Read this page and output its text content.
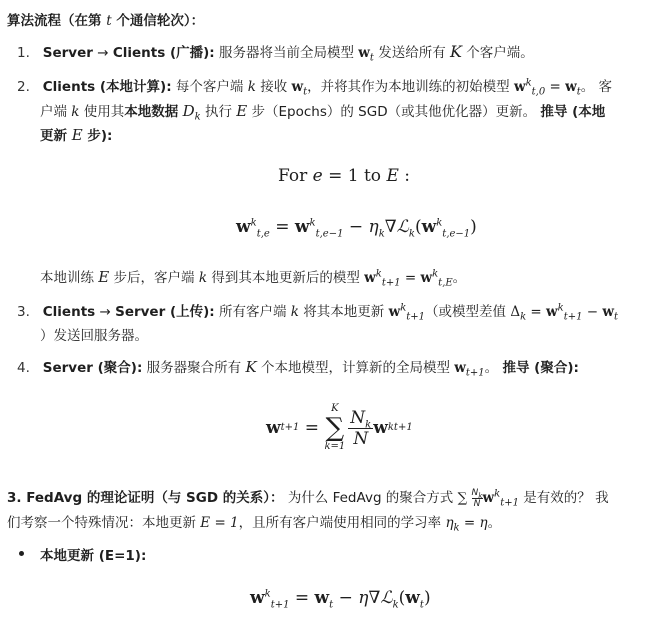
算法流程（在第 t 个通信轮次）：
1. Server → Clients (广播): 服务器将当前全局模型 $w_t$ 发送给所有 K 个客户端。
2. Clients (本地计算): 每个客户端 k 接收 $w_t$，并将其作为本地训练的初始模型 $w^k_{t,0} = w_t$。 客
户端 k 使用其本地数据 $D_k$ 执行 E 步（Epochs）的 SGD（或其他优化器）更新。 推导 (本地
更新 E 步):
For e = 1 to E :
$w^k_{t,e} = w^k_{t,e-1}$ − $\eta_k\nabla ℒ_k(w^k_{t,e-1})$
本地训练 E 步后，客户端 k 得到其本地更新后的模型 $w^k_{t+1} = w^k_{t,E}$。
3. Clients → Server (上传): 所有客户端 k 将其本地更新 $w^k_{t+1}$（或模型差值 $\Delta_k = w^k_{t+1} - w_t$
）发送回服务器。
4. Server (聚合): 服务器聚合所有 K 个本地模型，计算新的全局模型 $w_{t+1}$。 推导 (聚合):
w t+1 =
K
∑
$k=1 \frac{N_k}{N}$ w k t+1
3. FedAvg 的理论证明（与 SGD 的关系）： 为什么 FedAvg 的聚合方式 ∑ $\frac{N_k}{N} w^k_{t+1}$ 是有效的？ 我
们考察一个特殊情况：本地更新 E = 1，且所有客户端使用相同的学习率 $\eta_k = \eta$。
本地更新 (E=1):
$w^k_{t+1} = w_t$ − $\eta\nabla ℒ_k(w_t)$
